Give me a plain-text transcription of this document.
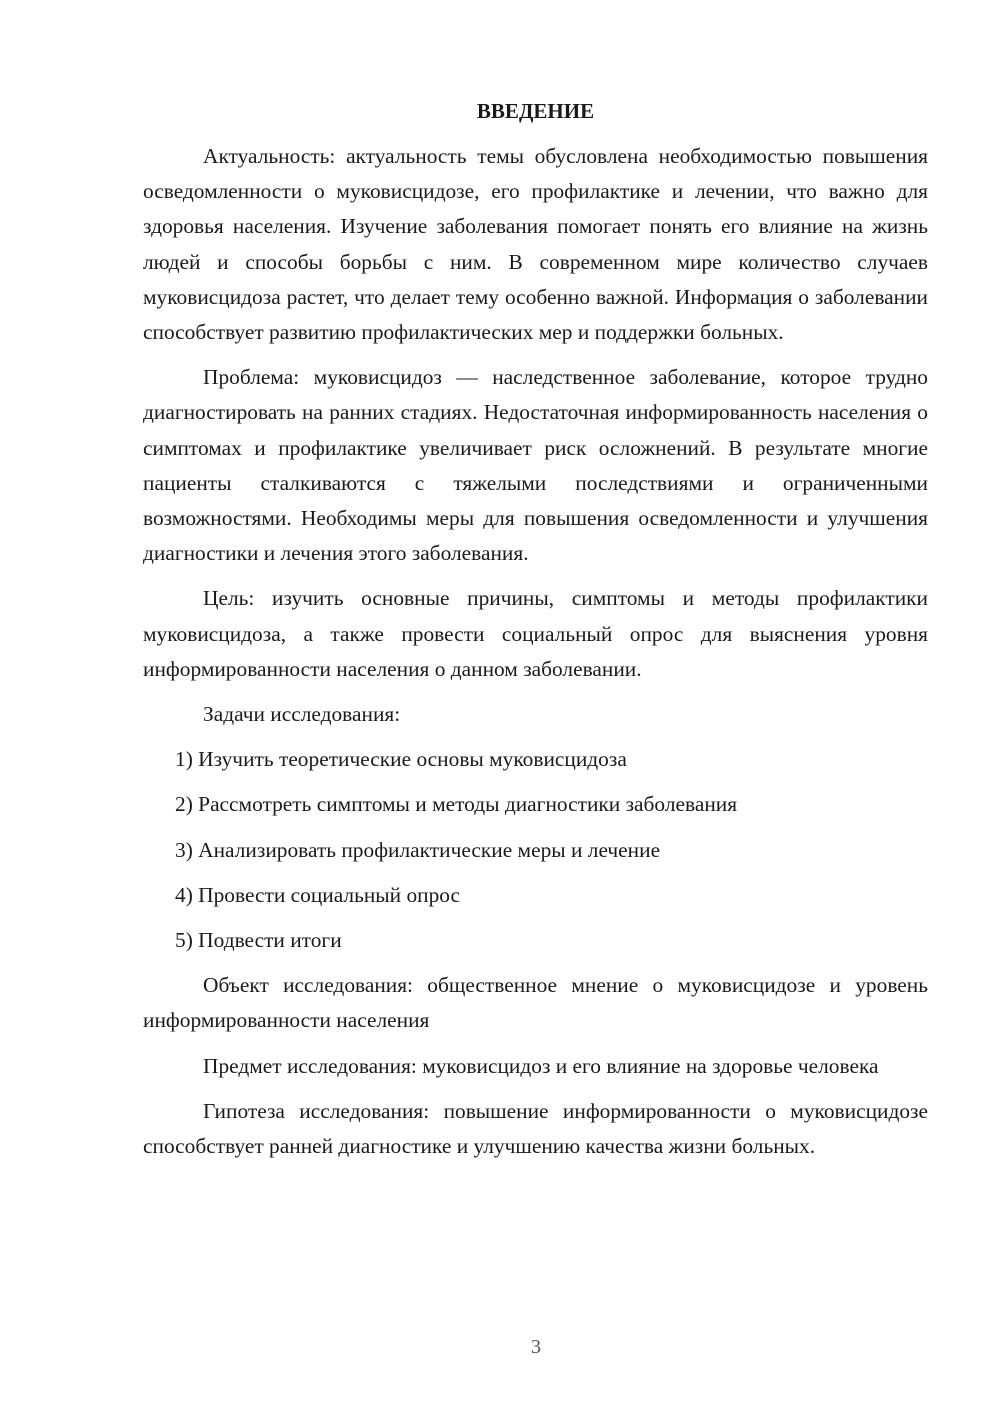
ВВЕДЕНИЕ

Актуальность: актуальность темы обусловлена необходимостью повышения осведомленности о муковисцидозе, его профилактике и лечении, что важно для здоровья населения. Изучение заболевания помогает понять его влияние на жизнь людей и способы борьбы с ним. В современном мире количество случаев муковисцидоза растет, что делает тему особенно важной. Информация о заболевании способствует развитию профилактических мер и поддержки больных.

Проблема: муковисцидоз — наследственное заболевание, которое трудно диагностировать на ранних стадиях. Недостаточная информированность населения о симптомах и профилактике увеличивает риск осложнений. В результате многие пациенты сталкиваются с тяжелыми последствиями и ограниченными возможностями. Необходимы меры для повышения осведомленности и улучшения диагностики и лечения этого заболевания.

Цель: изучить основные причины, симптомы и методы профилактики муковисцидоза, а также провести социальный опрос для выяснения уровня информированности населения о данном заболевании.

Задачи исследования:

1) Изучить теоретические основы муковисцидоза
2) Рассмотреть симптомы и методы диагностики заболевания
3) Анализировать профилактические меры и лечение
4) Провести социальный опрос
5) Подвести итоги

Объект исследования: общественное мнение о муковисцидозе и уровень информированности населения

Предмет исследования: муковисцидоз и его влияние на здоровье человека

Гипотеза исследования: повышение информированности о муковисцидозе способствует ранней диагностике и улучшению качества жизни больных.

3
